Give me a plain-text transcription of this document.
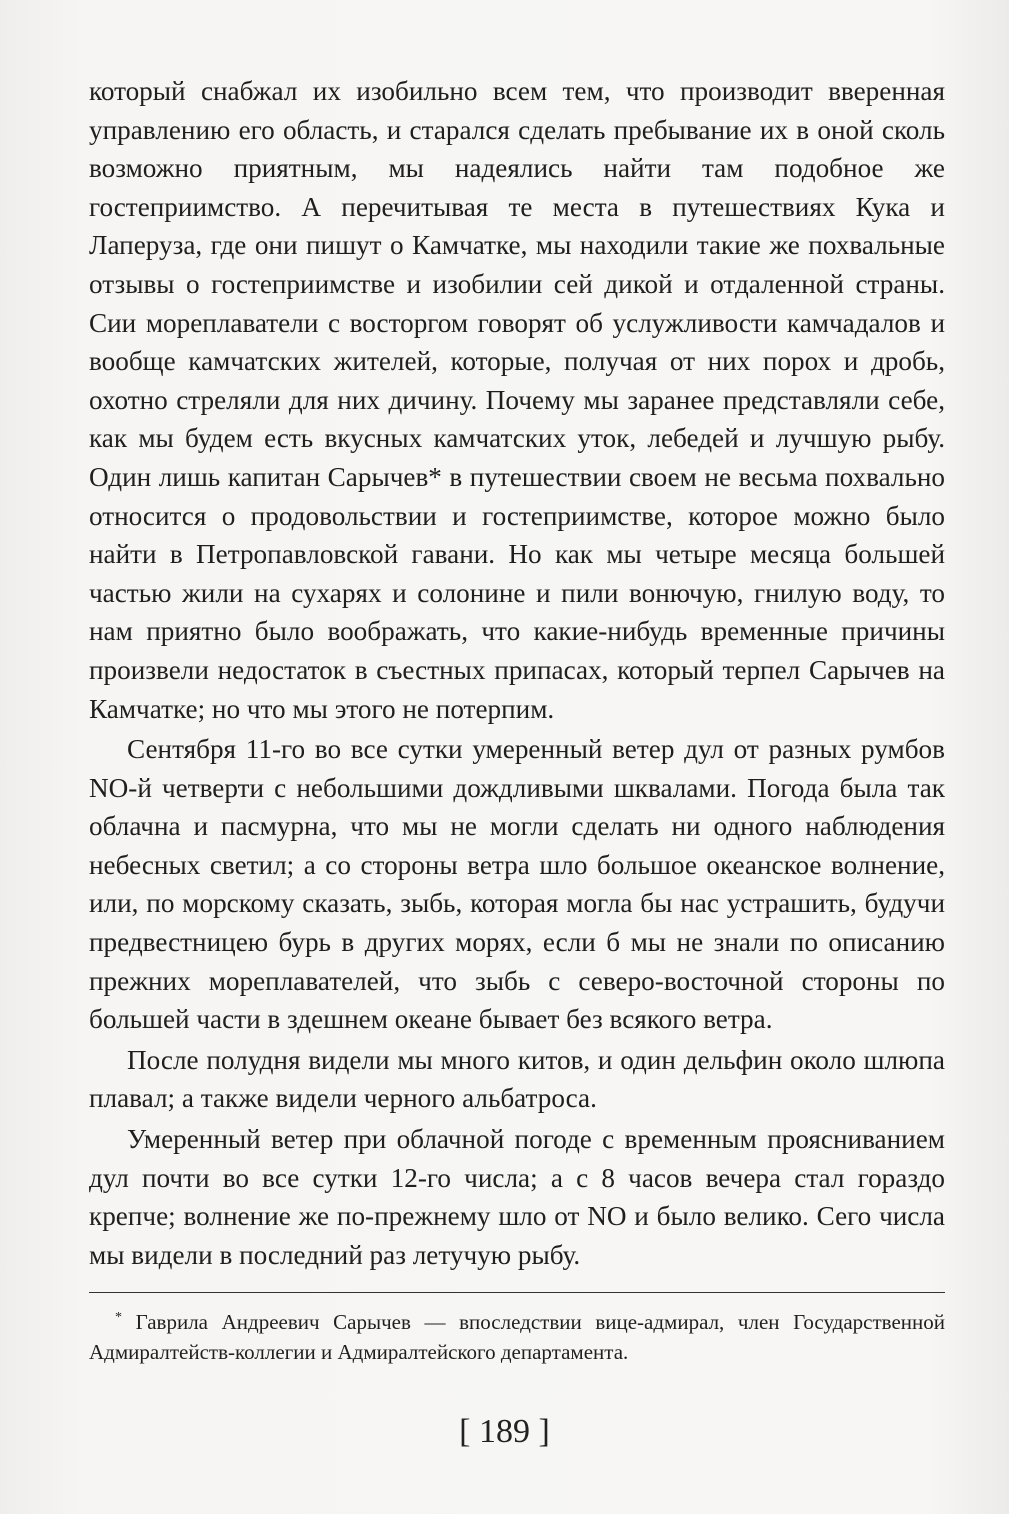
который снабжал их изобильно всем тем, что производит вверенная управлению его область, и старался сделать пребывание их в оной сколь возможно приятным, мы надеялись найти там подобное же гостеприимство. А перечитывая те места в путешествиях Кука и Лаперуза, где они пишут о Камчатке, мы находили такие же похвальные отзывы о гостеприимстве и изобилии сей дикой и отдаленной страны. Сии мореплаватели с восторгом говорят об услужливости камчадалов и вообще камчатских жителей, которые, получая от них порох и дробь, охотно стреляли для них дичину. Почему мы заранее представляли себе, как мы будем есть вкусных камчатских уток, лебедей и лучшую рыбу. Один лишь капитан Сарычев* в путешествии своем не весьма похвально относится о продовольствии и гостеприимстве, которое можно было найти в Петропавловской гавани. Но как мы четыре месяца большей частью жили на сухарях и солонине и пили вонючую, гнилую воду, то нам приятно было воображать, что какие-нибудь временные причины произвели недостаток в съестных припасах, который терпел Сарычев на Камчатке; но что мы этого не потерпим.

Сентября 11-го во все сутки умеренный ветер дул от разных румбов NO-й четверти с небольшими дождливыми шквалами. Погода была так облачна и пасмурна, что мы не могли сделать ни одного наблюдения небесных светил; а со стороны ветра шло большое океанское волнение, или, по морскому сказать, зыбь, которая могла бы нас устрашить, будучи предвестницею бурь в других морях, если б мы не знали по описанию прежних мореплавателей, что зыбь с северо-восточной стороны по большей части в здешнем океане бывает без всякого ветра.

После полудня видели мы много китов, и один дельфин около шлюпа плавал; а также видели черного альбатроса.

Умеренный ветер при облачной погоде с временным проясниванием дул почти во все сутки 12-го числа; а с 8 часов вечера стал гораздо крепче; волнение же по-прежнему шло от NO и было велико. Сего числа мы видели в последний раз летучую рыбу.

* Гаврила Андреевич Сарычев — впоследствии вице-адмирал, член Государственной Адмиралтейств-коллегии и Адмиралтейского департамента.
[ 189 ]
